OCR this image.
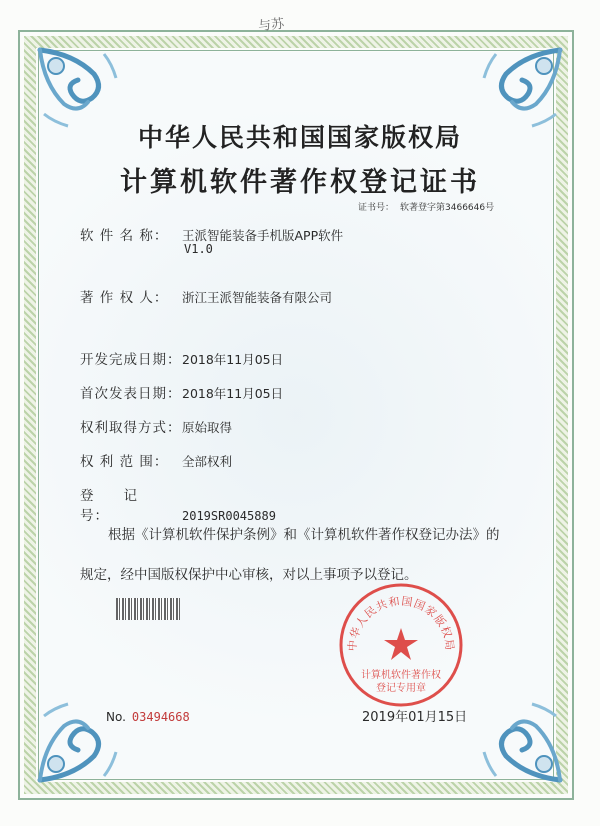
与苏
中华人民共和国国家版权局
计算机软件著作权登记证书
证书号： 软著登字第3466646号
软 件 名 称： 王派智能装备手机版APP软件
V1.0
著 作 权 人： 浙江王派智能装备有限公司
开发完成日期：2018年11月05日
首次发表日期：2018年11月05日
权利取得方式：原始取得
权 利 范 围： 全部权利
登　　记　　号：	2019SR0045889
根据《计算机软件保护条例》和《计算机软件著作权登记办法》的
规定，经中国版权保护中心审核，对以上事项予以登记。
中华人民共和国国家版权局
计算机软件著作权
登记专用章
No. 03494668	2019年01月15日
